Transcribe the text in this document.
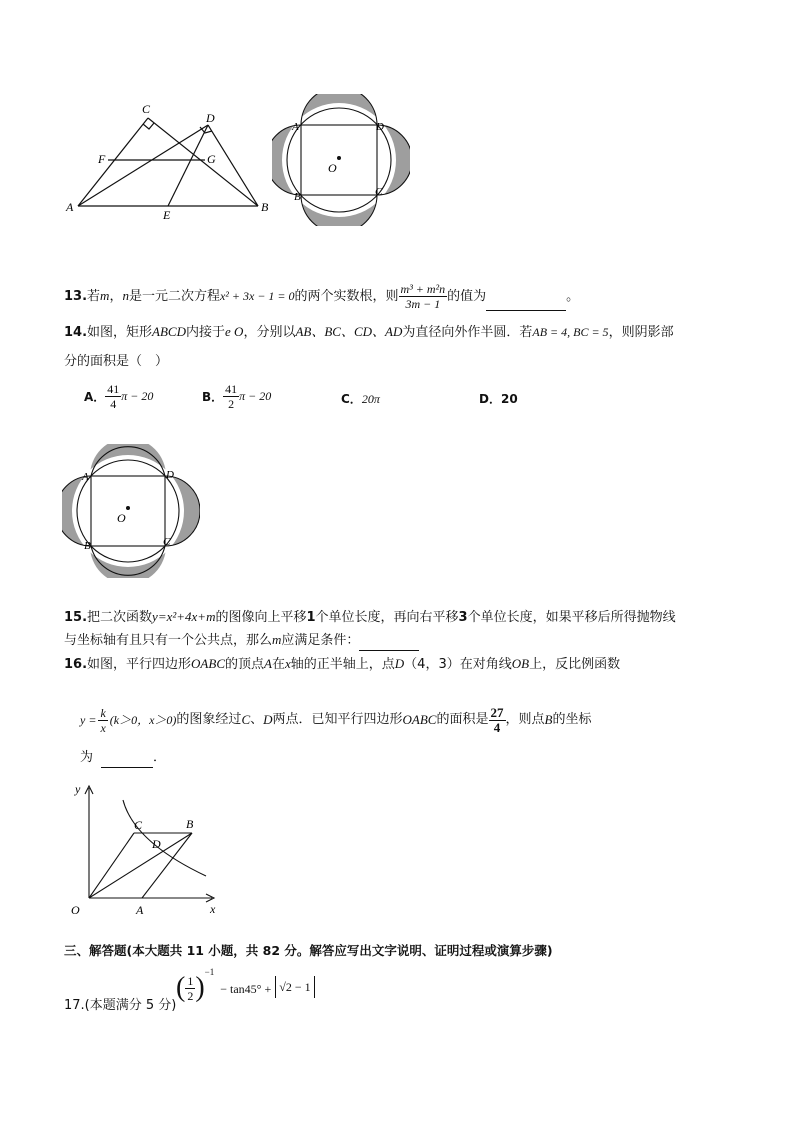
C
D
F	G
A
E
B
O
A	D
B	C
13.若m，n是一元二次方程x² + 3x − 1 = 0的两个实数根，则 $\frac{\text{m³ + m²n}}{3m - 1}$ 的值为	。
14.如图，矩形ABCD内接于e O，分别以AB、BC、CD、AD为直径向外作半圆．若AB = 4, BC = 5，则阴影部
分的面积是（　）
A． $\frac{41}{4}$ π − 20	B． $\frac{41}{2}$ π − 20	C．20π	D．20
O
A	D
B	C
15.把二次函数y=x²+4x+m的图像向上平移1个单位长度，再向右平移3个单位长度，如果平移后所得抛物线
与坐标轴有且只有一个公共点，那么m应满足条件：
16.如图，平行四边形OABC的顶点A在x轴的正半轴上，点D（4，3）在对角线OB上，反比例函数
$y = \frac{k}{x} (k>0$，x＞0) 的图象经过 C 、 D 两点．已知平行四边形 OABC 的面积是 $\frac{27}{4}$ ，则点 B 的坐标
为	．
y
x
O	A
B
C
D
三、解答题(本大题共 11 小题，共 82 分。解答应写出文字说明、证明过程或演算步骤)
17.(本题满分 5 分)
( $\frac{1}{2} )^{-1}$
− tan45° + √2 − 1
